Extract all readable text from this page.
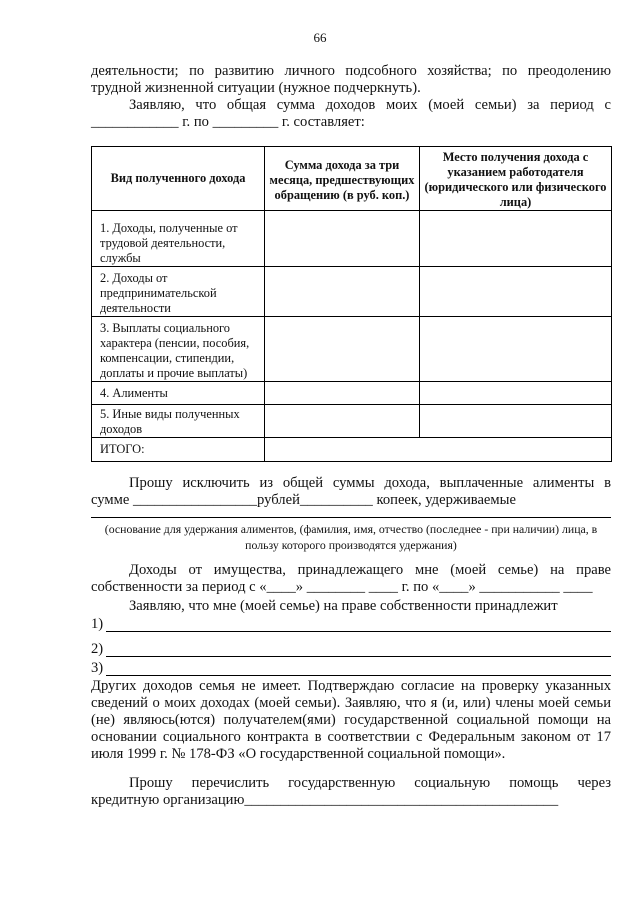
66
деятельности; по развитию личного подсобного хозяйства; по преодолению трудной жизненной ситуации (нужное подчеркнуть).
Заявляю, что общая сумма доходов моих (моей семьи) за период с
____________ г. по _________ г. составляет:
Вид полученного дохода	Сумма дохода за три месяца, предшествующих обращению (в руб. коп.)	Место получения дохода с указанием работодателя (юридического или физического лица)
1. Доходы, полученные от трудовой деятельности, службы		
2. Доходы от предпринимательской деятельности		
3. Выплаты социального характера (пенсии, пособия, компенсации, стипендии, доплаты и прочие выплаты)		
4. Алименты		
5. Иные виды полученных доходов		
ИТОГО:		
Прошу исключить из общей суммы дохода, выплаченные алименты в
сумме _________________рублей__________ копеек, удерживаемые
(основание для удержания алиментов, (фамилия, имя, отчество (последнее - при наличии) лица, в пользу которого производятся удержания)
Доходы от имущества, принадлежащего мне (моей семье) на праве
собственности за период с «____» ________ ____ г. по «____» ___________ ____
Заявляю, что мне (моей семье) на праве собственности принадлежит
1)
2)
3)
Других доходов семья не имеет. Подтверждаю согласие на проверку указанных сведений о моих доходах (моей семьи). Заявляю, что я (и, или) члены моей семьи (не) являюсь(ются) получателем(ями) государственной социальной помощи на основании социального контракта в соответствии с Федеральным законом от 17 июля 1999 г. № 178-ФЗ «О государственной социальной помощи».
Прошу перечислить государственную социальную помощь через
кредитную организацию___________________________________________
